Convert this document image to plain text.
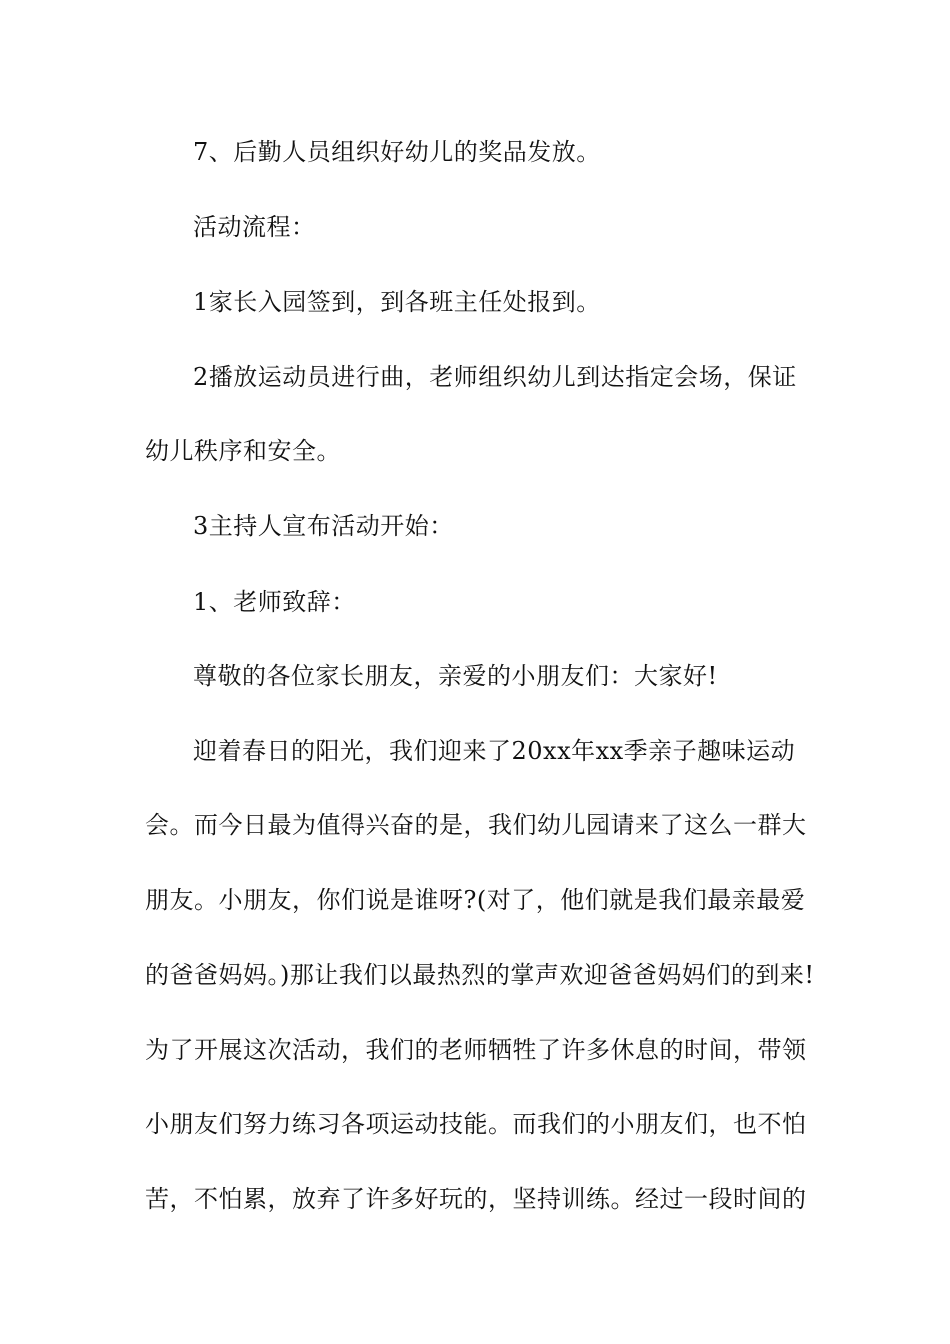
7、后勤人员组织好幼儿的奖品发放。
活动流程：
1家长入园签到，到各班主任处报到。
2播放运动员进行曲，老师组织幼儿到达指定会场，保证
幼儿秩序和安全。
3主持人宣布活动开始：
1、老师致辞：
尊敬的各位家长朋友，亲爱的小朋友们：大家好!
迎着春日的阳光，我们迎来了20xx年xx季亲子趣味运动
会。而今日最为值得兴奋的是，我们幼儿园请来了这么一群大
朋友。小朋友，你们说是谁呀?(对了，他们就是我们最亲最爱
的爸爸妈妈。)那让我们以最热烈的掌声欢迎爸爸妈妈们的到来!
为了开展这次活动，我们的老师牺牲了许多休息的时间，带领
小朋友们努力练习各项运动技能。而我们的小朋友们，也不怕
苦，不怕累，放弃了许多好玩的，坚持训练。经过一段时间的
